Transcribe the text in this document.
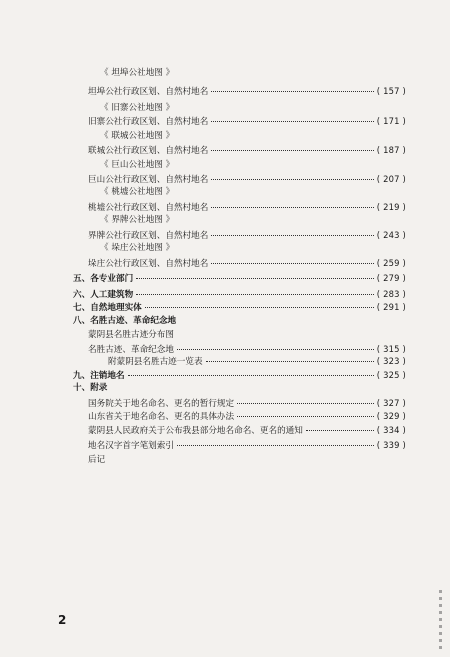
《 坦埠公社地图 》
坦埠公社行政区划、自然村地名	( 157 )
《 旧寨公社地图 》
旧寨公社行政区划、自然村地名	( 171 )
《 联城公社地图 》
联城公社行政区划、自然村地名	( 187 )
《 巨山公社地图 》
巨山公社行政区划、自然村地名	( 207 )
《 桃墟公社地图 》
桃墟公社行政区划、自然村地名	( 219 )
《 界牌公社地图 》
界牌公社行政区划、自然村地名	( 243 )
《 垛庄公社地图 》
垛庄公社行政区划、自然村地名	( 259 )
五、各专业部门	( 279 )
六、人工建筑物	( 283 )
七、自然地理实体	( 291 )
八、名胜古迹、革命纪念地
蒙阴县名胜古迹分布图
名胜古迹、革命纪念地	( 315 )
附蒙阴县名胜古迹一览表	( 323 )
九、注销地名	( 325 )
十、附录
国务院关于地名命名、更名的暂行规定	( 327 )
山东省关于地名命名、更名的具体办法	( 329 )
蒙阴县人民政府关于公布我县部分地名命名、更名的通知	( 334 )
地名汉字首字笔划索引	( 339 )
后记
2
